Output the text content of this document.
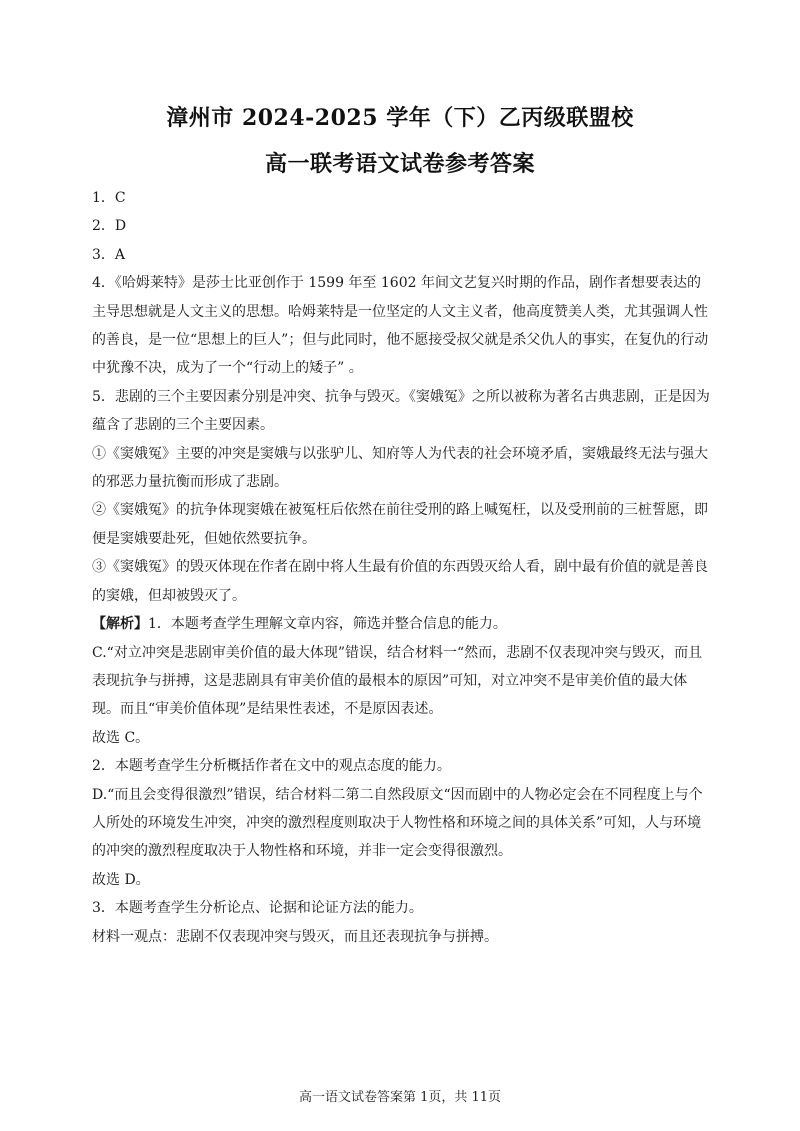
漳州市 2024-2025 学年（下）乙丙级联盟校
高一联考语文试卷参考答案

1．C

2．D

3．A

4．《哈姆莱特》是莎士比亚创作于 1599 年至 1602 年间文艺复兴时期的作品，剧作者想要表达的主导思想就是人文主义的思想。哈姆莱特是一位坚定的人文主义者，他高度赞美人类，尤其强调人性的善良，是一位“思想上的巨人”；但与此同时，他不愿接受叔父就是杀父仇人的事实，在复仇的行动中犹豫不决，成为了一个“行动上的矮子” 。

5．悲剧的三个主要因素分别是冲突、抗争与毁灭。《窦娥冤》之所以被称为著名古典悲剧，正是因为蕴含了悲剧的三个主要因素。

①《窦娥冤》主要的冲突是窦娥与以张驴儿、知府等人为代表的社会环境矛盾，窦娥最终无法与强大的邪恶力量抗衡而形成了悲剧。

②《窦娥冤》的抗争体现窦娥在被冤枉后依然在前往受刑的路上喊冤枉，以及受刑前的三桩誓愿，即便是窦娥要赴死，但她依然要抗争。

③《窦娥冤》的毁灭体现在作者在剧中将人生最有价值的东西毁灭给人看，剧中最有价值的就是善良的窦娥，但却被毁灭了。

【解析】1．本题考查学生理解文章内容，筛选并整合信息的能力。

C.“对立冲突是悲剧审美价值的最大体现”错误，结合材料一“然而，悲剧不仅表现冲突与毁灭，而且表现抗争与拼搏，这是悲剧具有审美价值的最根本的原因”可知，对立冲突不是审美价值的最大体现。而且“审美价值体现”是结果性表述，不是原因表述。

故选 C。

2．本题考查学生分析概括作者在文中的观点态度的能力。

D.“而且会变得很激烈”错误，结合材料二第二自然段原文“因而剧中的人物必定会在不同程度上与个人所处的环境发生冲突，冲突的激烈程度则取决于人物性格和环境之间的具体关系”可知，人与环境的冲突的激烈程度取决于人物性格和环境，并非一定会变得很激烈。

故选 D。

3．本题考查学生分析论点、论据和论证方法的能力。

材料一观点：悲剧不仅表现冲突与毁灭，而且还表现抗争与拼搏。

高一语文试卷答案第 1页，共 11页
